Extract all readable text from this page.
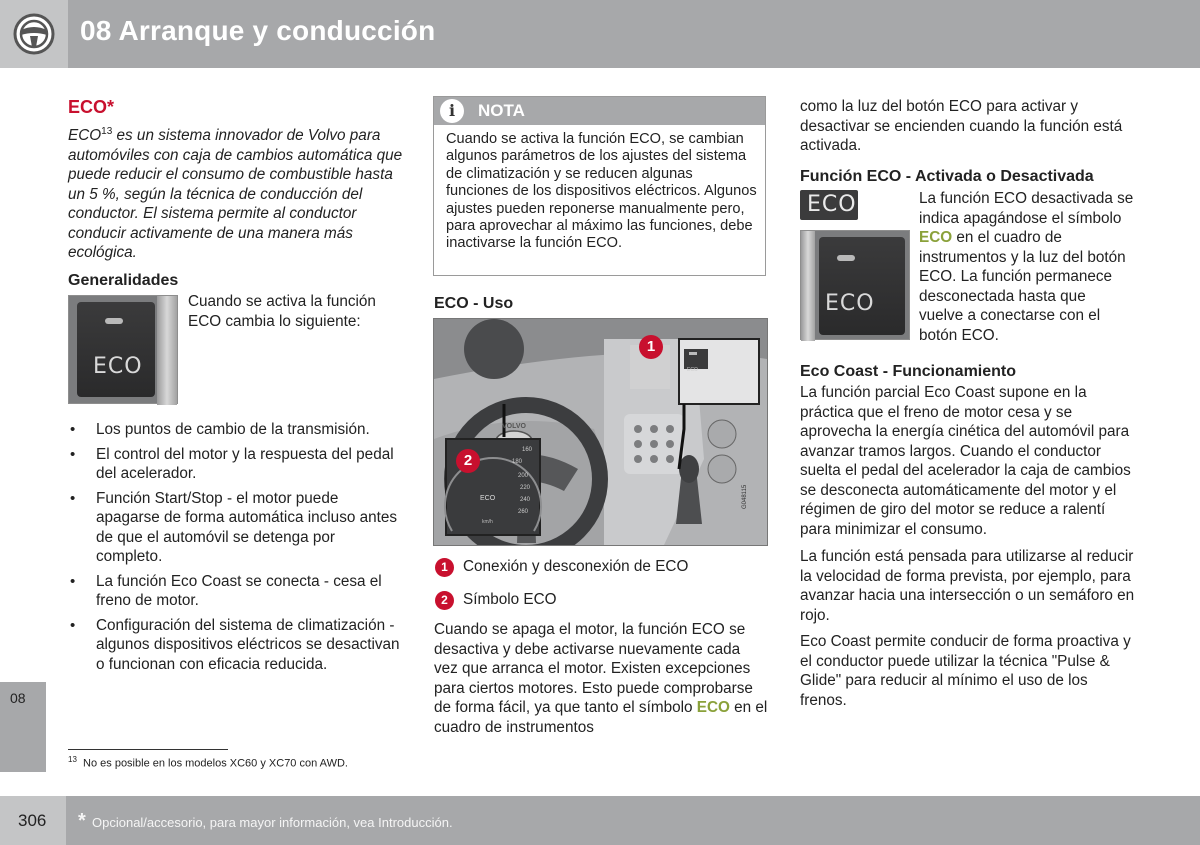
08 Arranque y conducción
ECO*
ECO$^{13}$ es un sistema innovador de Volvo para automóviles con caja de cambios automática que puede reducir el consumo de combustible hasta un 5 %, según la técnica de conducción del conductor. El sistema permite al conductor conducir activamente de una manera más ecológica.
Generalidades
ECO
Cuando se activa la función ECO cambia lo siguiente:
• Los puntos de cambio de la transmisión.
• El control del motor y la respuesta del pedal del acelerador.
• Función Start/Stop - el motor puede apagarse de forma automática incluso antes de que el automóvil se detenga por completo.
• La función Eco Coast se conecta - cesa el freno de motor.
• Configuración del sistema de climatización - algunos dispositivos eléctricos se desactivan o funcionan con eficacia reducida.
$^{13}$ No es posible en los modelos XC60 y XC70 con AWD.
i	NOTA
Cuando se activa la función ECO, se cambian algunos parámetros de los ajustes del sistema de climatización y se reducen algunas funciones de los dispositivos eléctricos. Algunos ajustes pueden reponerse manualmente pero, para aprovechar al máximo las funciones, debe inactivarse la función ECO.
ECO - Uso
1
2
ECO
km/h
160
180
200
220
240
260
VOLVO
ECO
G048115
1 Conexión y desconexión de ECO
2 Símbolo ECO
Cuando se apaga el motor, la función ECO se desactiva y debe activarse nuevamente cada vez que arranca el motor. Existen excepciones para ciertos motores. Esto puede comprobarse de forma fácil, ya que tanto el símbolo ECO en el cuadro de instrumentos
como la luz del botón ECO para activar y desactivar se encienden cuando la función está activada.
Función ECO - Activada o Desactivada
ECO
ECO
La función ECO desactivada se indica apagándose el símbolo ECO en el cuadro de instrumentos y la luz del botón ECO. La función permanece desconectada hasta que vuelve a conectarse con el botón ECO.
Eco Coast - Funcionamiento
La función parcial Eco Coast supone en la práctica que el freno de motor cesa y se aprovecha la energía cinética del automóvil para avanzar tramos largos. Cuando el conductor suelta el pedal del acelerador la caja de cambios se desconecta automáticamente del motor y el régimen de giro del motor se reduce a ralentí para minimizar el consumo.
La función está pensada para utilizarse al reducir la velocidad de forma prevista, por ejemplo, para avanzar hacia una intersección o un semáforo en rojo.
Eco Coast permite conducir de forma proactiva y el conductor puede utilizar la técnica "Pulse & Glide" para reducir al mínimo el uso de los frenos.
08
306 * Opcional/accesorio, para mayor información, vea Introducción.
